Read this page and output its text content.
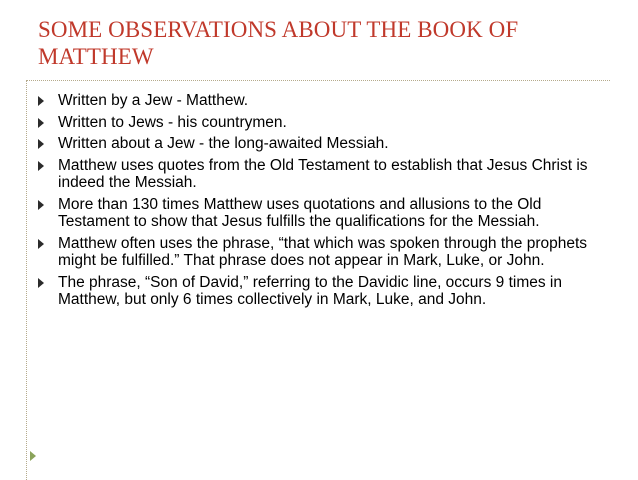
SOME OBSERVATIONS ABOUT THE BOOK OF MATTHEW
Written by a Jew - Matthew.
Written to Jews - his countrymen.
Written about a Jew - the long-awaited Messiah.
Matthew uses quotes from the Old Testament to establish that Jesus Christ is indeed the Messiah.
More than 130 times Matthew uses quotations and allusions to the Old Testament to show that Jesus fulfills the qualifications for the Messiah.
Matthew often uses the phrase, “that which was spoken through the prophets might be fulfilled.” That phrase does not appear in Mark, Luke, or John.
The phrase, “Son of David,” referring to the Davidic line, occurs 9 times in Matthew, but only 6 times collectively in Mark, Luke, and John.
